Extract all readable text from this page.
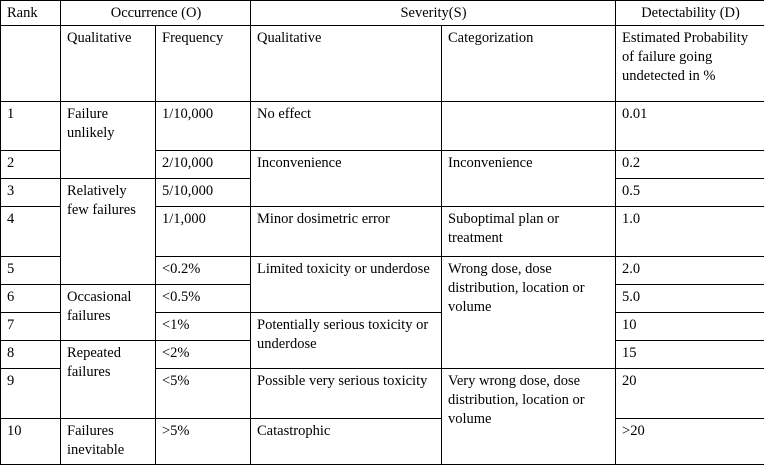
Rank	Occurrence (O)		Severity(S)		Detectability (D)
	Qualitative	Frequency	Qualitative	Categorization	Estimated Probability of failure going undetected in %
1	Failure unlikely	1/10,000	No effect		0.01
2		2/10,000	Inconvenience	Inconvenience	0.2
3	Relatively few failures	5/10,000			0.5
4		1/1,000	Minor dosimetric error	Suboptimal plan or treatment	1.0
5		<0.2%	Limited toxicity or underdose	Wrong dose, dose distribution, location or volume	2.0
6	Occasional failures	<0.5%			5.0
7		<1%	Potentially serious toxicity or underdose		10
8	Repeated failures	<2%			15
9		<5%	Possible very serious toxicity	Very wrong dose, dose distribution, location or volume	20
10	Failures inevitable	>5%	Catastrophic		>20
